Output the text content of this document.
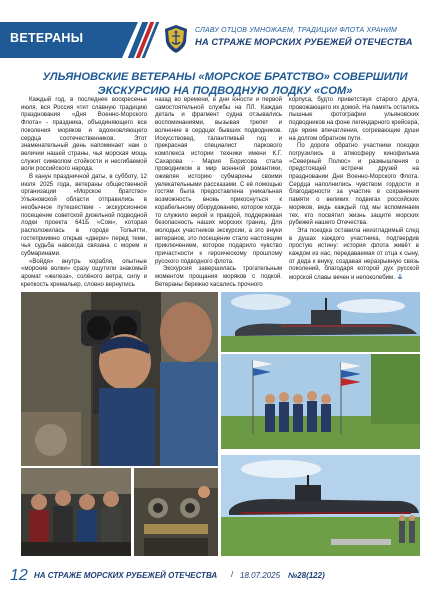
ВЕТЕРАНЫ
СЛАВУ ОТЦОВ УМНОЖАЕМ, ТРАДИЦИИ ФЛОТА ХРАНИМ
НА СТРАЖЕ МОРСКИХ РУБЕЖЕЙ ОТЕЧЕСТВА
УЛЬЯНОВСКИЕ ВЕТЕРАНЫ «МОРСКОЕ БРАТСТВО» СОВЕРШИЛИ
ЭКСКУРСИЮ НА ПОДВОДНУЮ ЛОДКУ «СОМ»

Каждый год, в последнее воскресенье июля, вся Россия чтит славную традицию празднования «Дня Военно-Морского Флота» - праздника, объединяющего все поколения моряков и вдохновляющего сердца соотечественников. Этот знаменательный день напоминает нам о величии нашей страны, чья морская мощь служит символом стойкости и несгибаемой воли российского народа.

В канун праздничной даты, в субботу, 12 июля 2025 года, ветераны общественной организации «Морское братство» Ульяновской области отправились в необычное путешествие - экскурсионное посещение советской дизельной подводной лодки проекта 641Б «Сом», которая расположилась в городе Тольятти, гостеприимно открыв «двери» перед теми, чья судьба навсегда связана с морем и субмаринами.

«Войдя» внутрь корабля, опытные «морские волки» сразу ощутили знакомый аромат «железа», солёного ветра, силу и крепкость кремальер, словно вернулись

назад во времени, в дни юности и первой самостоятельной службы на ПЛ. Каждая деталь и фрагмент судна отзывались воспоминаниями, вызывая трепет и волнение в сердцах бывших подводников. Искусствовед, талантливый гид и прекрасная специалист паркового комплекса истории техники имени К.Г. Сахарова - Мария Борисова стала проводником в мир военной романтики, оживляя историю субмарины своими увлекательными рассказами. С её помощью гостям была предоставлена уникальная возможность вновь прикоснуться к корабельному оборудованию, которое когда-то служило верой и правдой, поддерживая безопасность наших морских границ. Для молодых участников экскурсии, а это внуки ветеранов, это посещение стало настоящим приключением, которое подарило чувство причастности к героическому прошлому русского подводного флота.

Экскурсия завершилась трогательным моментом прощания моряков с лодкой. Ветераны бережно касались прочного

корпуса, будто приветствуя старого друга, провожающего их домой. На память остались пышные фотографии ульяновских подводников на фоне легендарного крейсера, где яркие впечатления, согревающие души на долгом обратном пути.

По дороге обратно участники поездки погрузились в атмосферу кинофильма «Северный Полюс» и размышления о предстоящей встрече друзей на праздновании Дня Военно-Морского Флота. Сердца наполнились чувством гордости и благодарности за участие в сохранении памяти о великих подвигах российских моряков, ведь каждый год мы вспоминаем тех, кто посвятил жизнь защите морских рубежей нашего Отечества.

Эта поездка оставила неизгладимый след в душах каждого участника, подтвердив простую истину: история флота живёт в каждом из нас, передаваемая от отца к сыну, от деда к внуку, создавая неразрывную связь поколений, благодаря которой дух русской морской славы вечен и непоколебим.

12 НА СТРАЖЕ МОРСКИХ РУБЕЖЕЙ ОТЕЧЕСТВА / 18.07.2025 №28(122)
